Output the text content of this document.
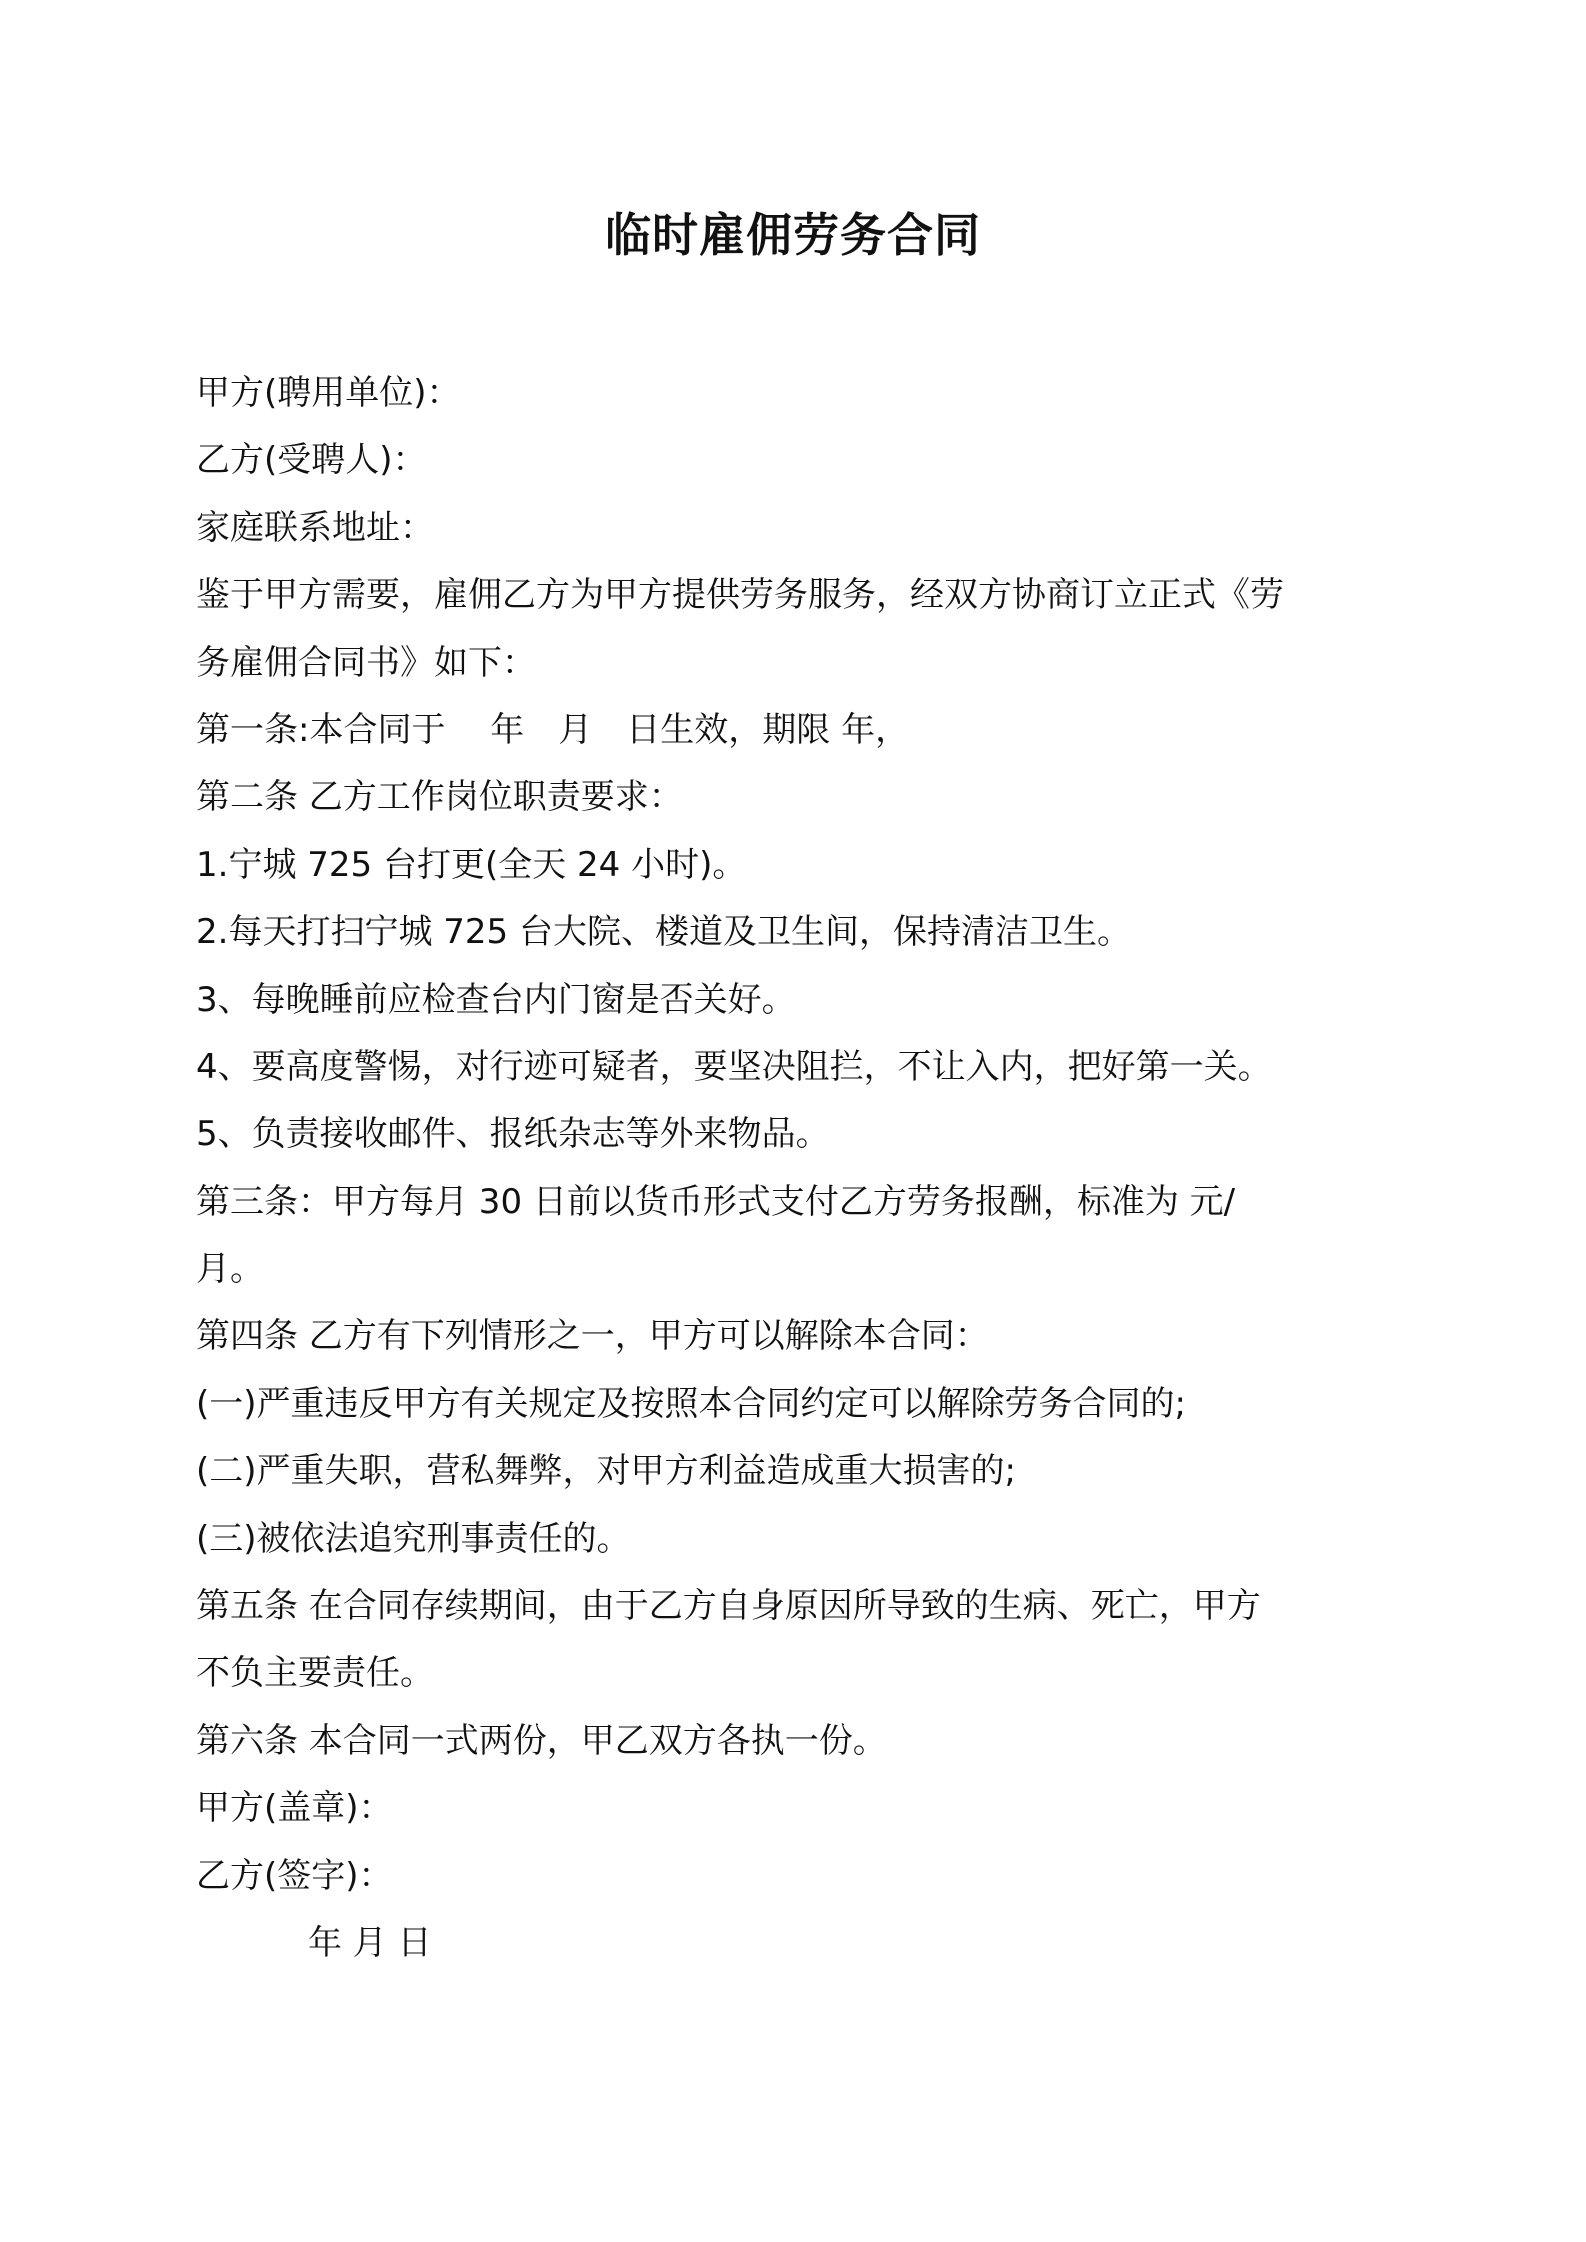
临时雇佣劳务合同

甲方(聘用单位)：

乙方(受聘人)：

家庭联系地址：

鉴于甲方需要，雇佣乙方为甲方提供劳务服务，经双方协商订立正式《劳

务雇佣合同书》如下：

第一条:本合同于　 年　月　日生效，期限 年，

第二条 乙方工作岗位职责要求：

1.宁城 725 台打更(全天 24 小时)。

2.每天打扫宁城 725 台大院、楼道及卫生间，保持清洁卫生。

3、每晚睡前应检查台内门窗是否关好。

4、要高度警惕，对行迹可疑者，要坚决阻拦，不让入内，把好第一关。

5、负责接收邮件、报纸杂志等外来物品。

第三条：甲方每月 30 日前以货币形式支付乙方劳务报酬，标准为 元/

月。

第四条 乙方有下列情形之一，甲方可以解除本合同：

(一)严重违反甲方有关规定及按照本合同约定可以解除劳务合同的;

(二)严重失职，营私舞弊，对甲方利益造成重大损害的;

(三)被依法追究刑事责任的。

第五条 在合同存续期间，由于乙方自身原因所导致的生病、死亡，甲方

不负主要责任。

第六条 本合同一式两份，甲乙双方各执一份。

甲方(盖章)：

乙方(签字)：

年 月 日
